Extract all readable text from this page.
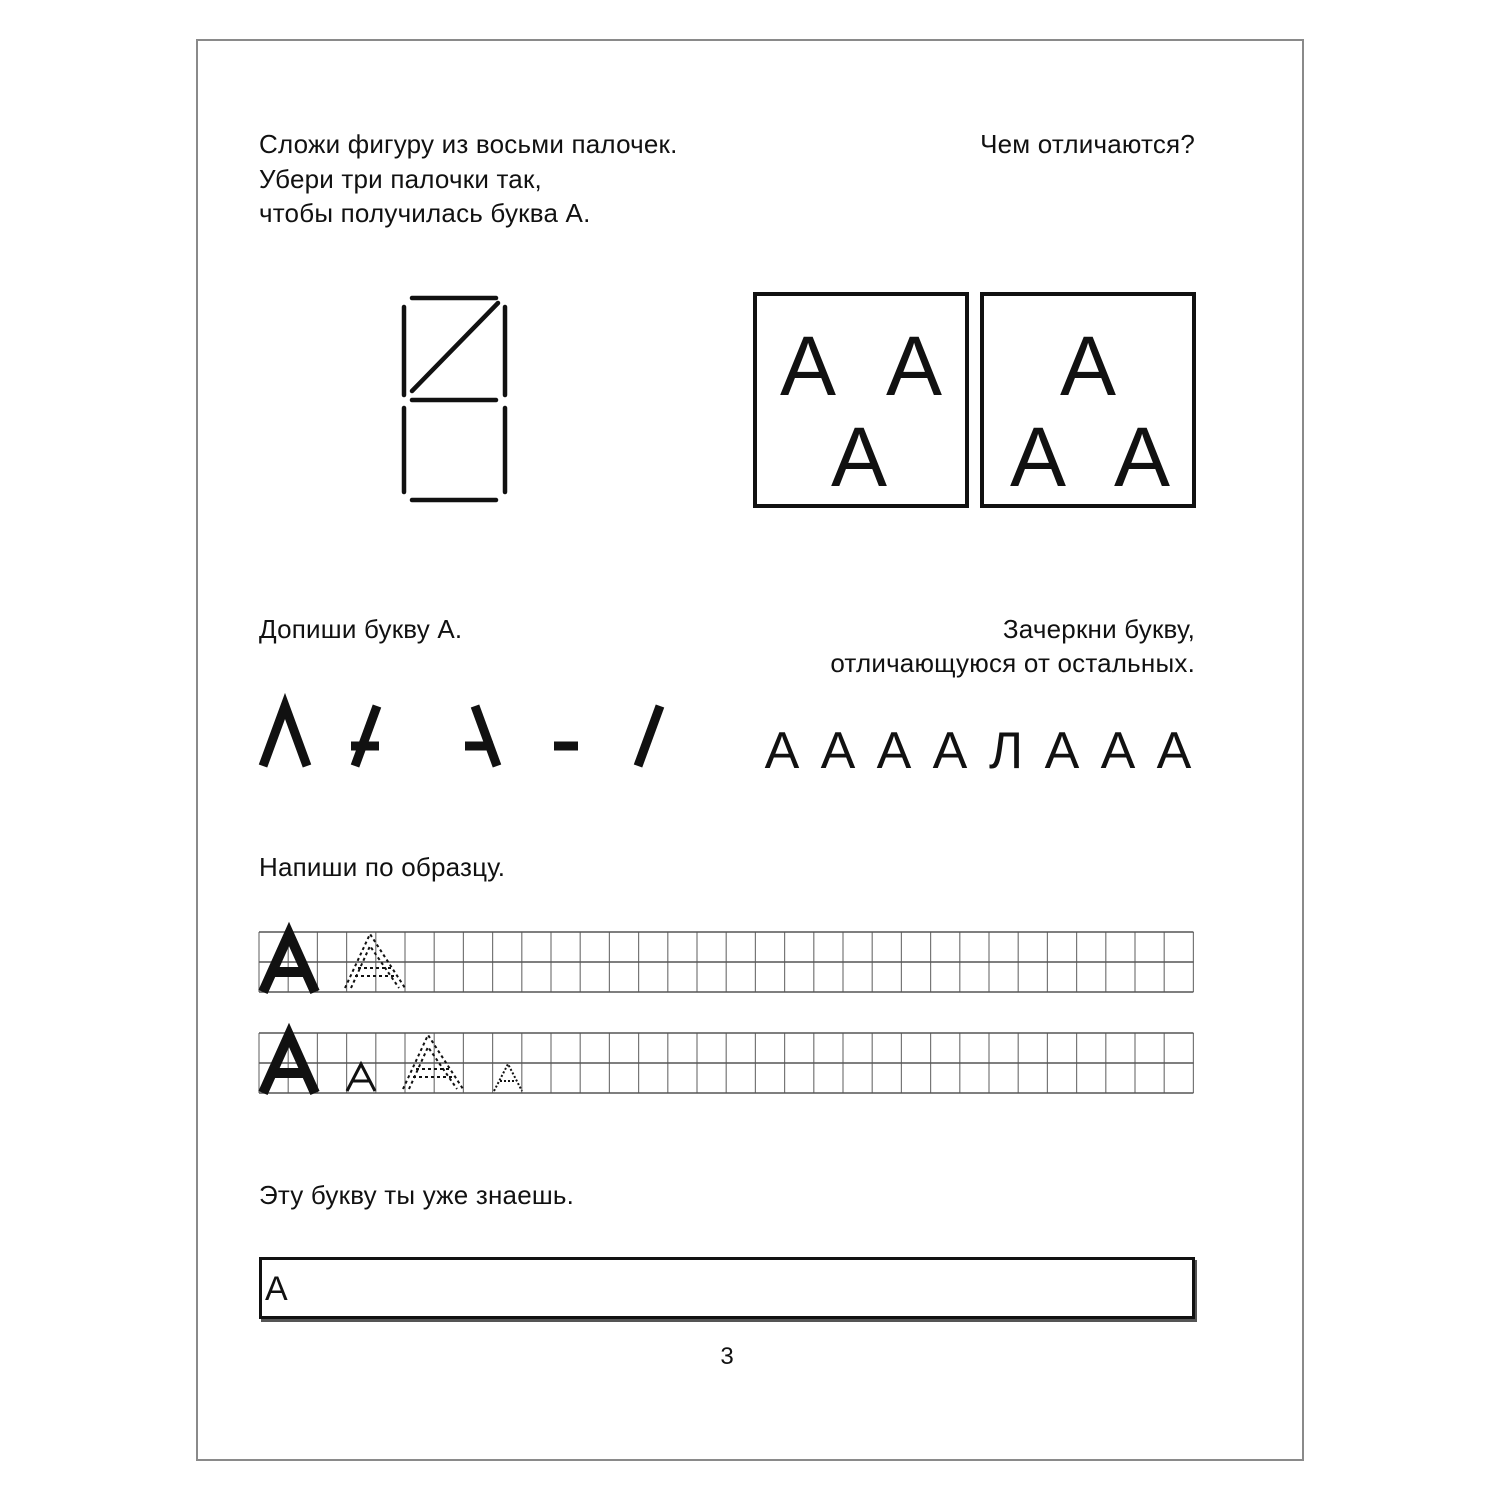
Сложи фигуру из восьми палочек.
Убери три палочки так,
чтобы получилась буква А.
Чем отличаются?
А А
А
А
А А
Допиши букву А.	Зачеркни букву,
отличающуюся от остальных.
А А А А Л А А А
Напиши по образцу.
Эту букву ты уже знаешь.
А
3
